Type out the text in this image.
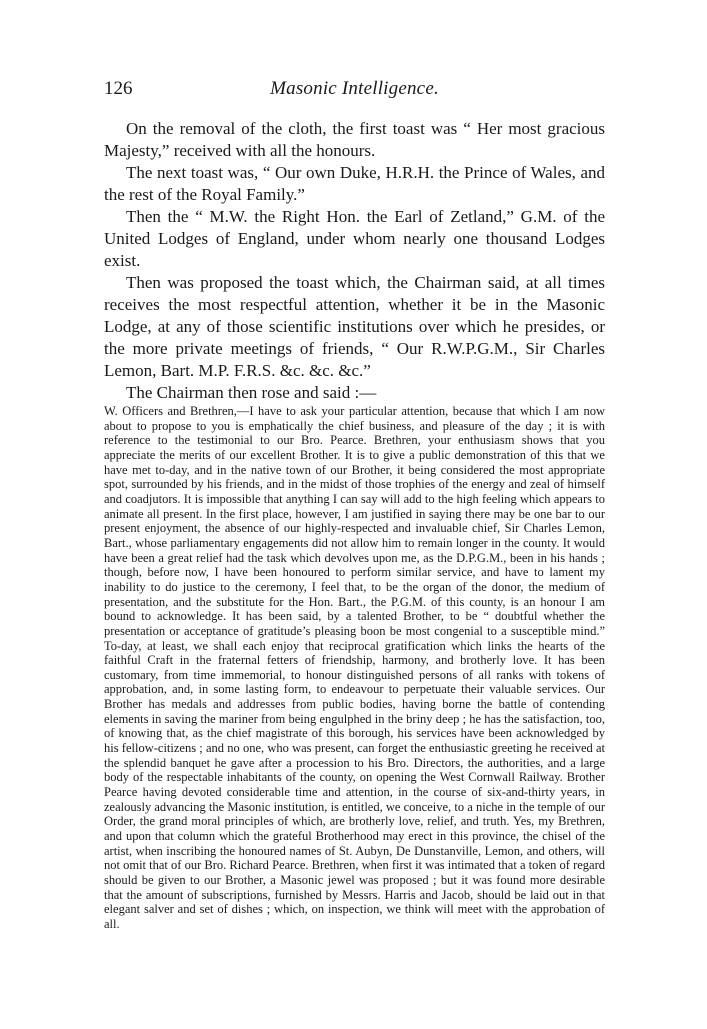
126	Masonic Intelligence.

On the removal of the cloth, the first toast was “ Her most gracious Majesty,” received with all the honours.

The next toast was, “ Our own Duke, H.R.H. the Prince of Wales, and the rest of the Royal Family.”

Then the “ M.W. the Right Hon. the Earl of Zetland,” G.M. of the United Lodges of England, under whom nearly one thousand Lodges exist.

Then was proposed the toast which, the Chairman said, at all times receives the most respectful attention, whether it be in the Masonic Lodge, at any of those scientific institutions over which he presides, or the more private meetings of friends, “ Our R.W.P.G.M., Sir Charles Lemon, Bart. M.P. F.R.S. &c. &c. &c.”

The Chairman then rose and said :—

W. Officers and Brethren,—I have to ask your particular attention, because that which I am now about to propose to you is emphatically the chief business, and pleasure of the day ; it is with reference to the testimonial to our Bro. Pearce. Brethren, your enthusiasm shows that you appreciate the merits of our excellent Brother. It is to give a public demonstration of this that we have met to-day, and in the native town of our Brother, it being considered the most appropriate spot, surrounded by his friends, and in the midst of those trophies of the energy and zeal of himself and coadjutors. It is impossible that anything I can say will add to the high feeling which appears to animate all present. In the first place, however, I am justified in saying there may be one bar to our present enjoyment, the absence of our highly-respected and invaluable chief, Sir Charles Lemon, Bart., whose parliamentary engagements did not allow him to remain longer in the county. It would have been a great relief had the task which devolves upon me, as the D.P.G.M., been in his hands ; though, before now, I have been honoured to perform similar service, and have to lament my inability to do justice to the ceremony, I feel that, to be the organ of the donor, the medium of presentation, and the substitute for the Hon. Bart., the P.G.M. of this county, is an honour I am bound to acknowledge. It has been said, by a talented Brother, to be “ doubtful whether the presentation or acceptance of gratitude’s pleasing boon be most congenial to a susceptible mind.” To-day, at least, we shall each enjoy that reciprocal gratification which links the hearts of the faithful Craft in the fraternal fetters of friendship, harmony, and brotherly love. It has been customary, from time immemorial, to honour distinguished persons of all ranks with tokens of approbation, and, in some lasting form, to endeavour to perpetuate their valuable services. Our Brother has medals and addresses from public bodies, having borne the battle of contending elements in saving the mariner from being engulphed in the briny deep ; he has the satisfaction, too, of knowing that, as the chief magistrate of this borough, his services have been acknowledged by his fellow-citizens ; and no one, who was present, can forget the enthusiastic greeting he received at the splendid banquet he gave after a procession to his Bro. Directors, the authorities, and a large body of the respectable inhabitants of the county, on opening the West Cornwall Railway. Brother Pearce having devoted considerable time and attention, in the course of six-and-thirty years, in zealously advancing the Masonic institution, is entitled, we conceive, to a niche in the temple of our Order, the grand moral principles of which, are brotherly love, relief, and truth. Yes, my Brethren, and upon that column which the grateful Brotherhood may erect in this province, the chisel of the artist, when inscribing the honoured names of St. Aubyn, De Dunstanville, Lemon, and others, will not omit that of our Bro. Richard Pearce. Brethren, when first it was intimated that a token of regard should be given to our Brother, a Masonic jewel was proposed ; but it was found more desirable that the amount of subscriptions, furnished by Messrs. Harris and Jacob, should be laid out in that elegant salver and set of dishes ; which, on inspection, we think will meet with the approbation of all.
